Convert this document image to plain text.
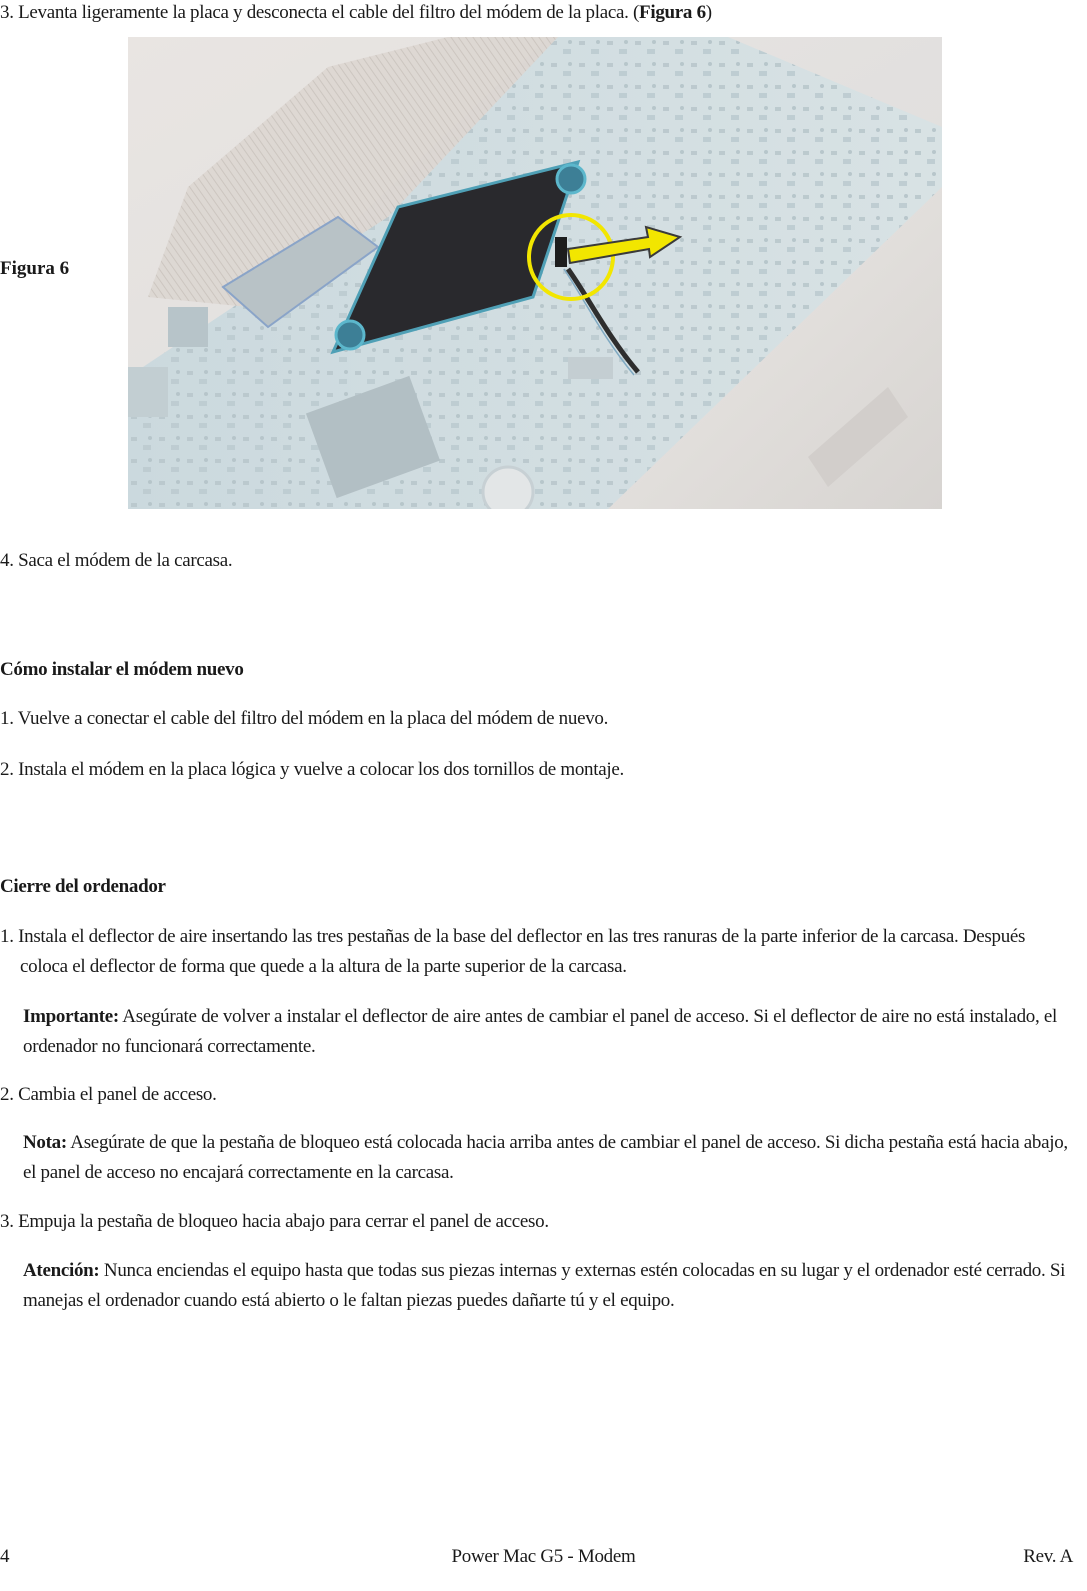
3. Levanta ligeramente la placa y desconecta el cable del filtro del módem de la placa. (Figura 6)
Figura 6
4. Saca el módem de la carcasa.
Cómo instalar el módem nuevo
1. Vuelve a conectar el cable del filtro del módem en la placa del módem de nuevo.
2. Instala el módem en la placa lógica y vuelve a colocar los dos tornillos de montaje.
Cierre del ordenador
1. Instala el deflector de aire insertando las tres pestañas de la base del deflector en las tres ranuras de la parte inferior de la carcasa. Después coloca el deflector de forma que quede a la altura de la parte superior de la carcasa.
Importante: Asegúrate de volver a instalar el deflector de aire antes de cambiar el panel de acceso. Si el deflector de aire no está instalado, el ordenador no funcionará correctamente.
2. Cambia el panel de acceso.
Nota: Asegúrate de que la pestaña de bloqueo está colocada hacia arriba antes de cambiar el panel de acceso. Si dicha pestaña está hacia abajo, el panel de acceso no encajará correctamente en la carcasa.
3. Empuja la pestaña de bloqueo hacia abajo para cerrar el panel de acceso.
Atención: Nunca enciendas el equipo hasta que todas sus piezas internas y externas estén colocadas en su lugar y el ordenador esté cerrado. Si manejas el ordenador cuando está abierto o le faltan piezas puedes dañarte tú y el equipo.
4	Power Mac G5 - Modem	Rev. A
